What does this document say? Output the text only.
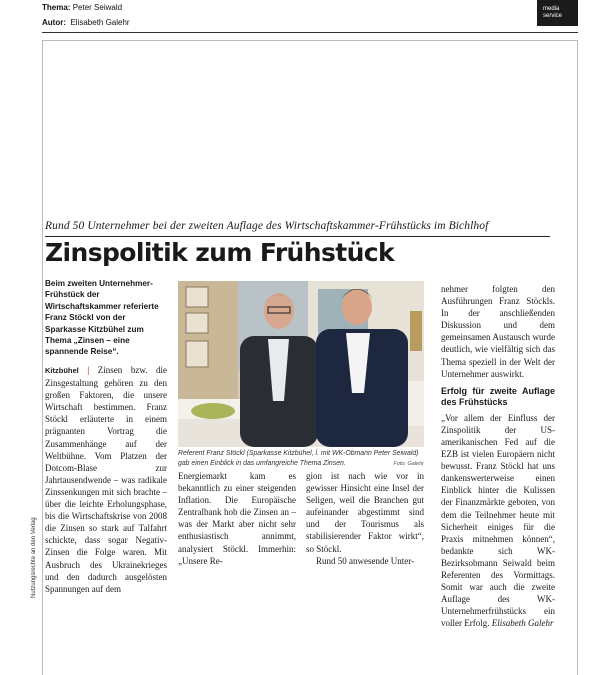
Thema: Peter Seiwald
Autor: Elisabeth Galehr
media
service
Rund 50 Unternehmer bei der zweiten Auflage des Wirtschaftskammer-Frühstücks im Bichlhof
Zinspolitik zum Frühstück
Beim zweiten Unternehmer-Frühstück der Wirtschaftskammer referierte Franz Stöckl von der Sparkasse Kitzbühel zum Thema „Zinsen – eine spannende Reise“.

Kitzbühel | Zinsen bzw. die Zinsgestaltung gehören zu den großen Faktoren, die unsere Wirtschaft bestimmen. Franz Stöckl erläuterte in einem prägnanten Vortrag die Zusammenhänge auf der Weltbühne. Vom Platzen der Dotcom-Blase zur Jahrtausendwende – was radikale Zinssenkungen mit sich brachte – über die leichte Erholungsphase, bis die Wirtschaftskrise von 2008 die Zinsen so stark auf Talfahrt schickte, dass sogar Negativ-Zinsen die Folge waren. Mit Ausbruch des Ukrainekrieges und den dadurch ausgelösten Spannungen auf dem

Referent Franz Stöckl (Sparkasse Kitzbühel, l. mit WK-Obmann Peter Seiwald) gab einen Einblick in das umfangreiche Thema Zinsen.	Foto: Galehr

Energiemarkt kam es bekanntlich zu einer steigenden Inflation. Die Europäische Zentralbank hob die Zinsen an – was der Markt aber nicht sehr enthusiastisch annimmt, analysiert Stöckl. Immerhin: „Unsere Re-

gion ist nach wie vor in gewisser Hinsicht eine Insel der Seligen, weil die Branchen gut aufeinander abgestimmt sind und der Tourismus als stabilisierender Faktor wirkt“, so Stöckl.

Rund 50 anwesende Unter-

nehmer folgten den Ausführungen Franz Stöckls. In der anschließenden Diskussion und dem gemeinsamen Austausch wurde deutlich, wie vielfältig sich das Thema speziell in der Welt der Unternehmer auswirkt.

Erfolg für zweite Auflage des Frühstücks

„Vor allem der Einfluss der Zinspolitik der US-amerikanischen Fed auf die EZB ist vielen Europäern nicht bewusst. Franz Stöckl hat uns dankenswerterweise einen Einblick hinter die Kulissen der Finanzmärkte geboten, von dem die Teilnehmer heute mit Sicherheit einiges für die Praxis mitnehmen können“, bedankte sich WK-Bezirksobmann Seiwald beim Referenten des Vormittags. Somit war auch die zweite Auflage des WK-Unternehmerfrühstücks ein voller Erfolg. Elisabeth Galehr

Nutzungsrechte an den Verlag
